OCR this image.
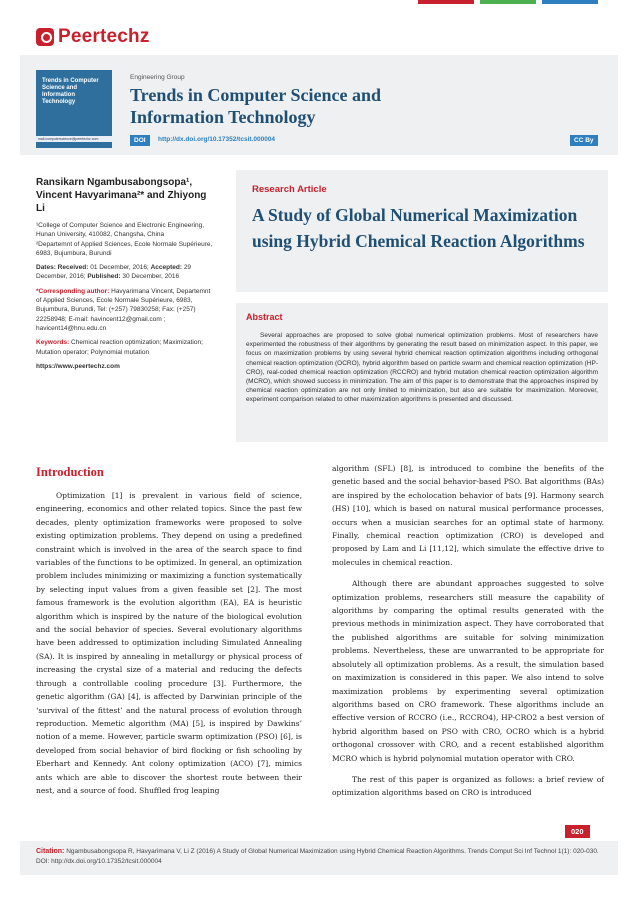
Peertechz
Trends in Computer Science and Information Technology
mail.computerscience@peertechz.com
Engineering Group
Trends in Computer Science and Information Technology
DOI	http://dx.doi.org/10.17352/tcsit.000004	CC By
Ransikarn Ngambusabongsopa¹, Vincent Havyarimana²* and Zhiyong Li

¹College of Computer Science and Electronic Engineering, Hunan University, 410082, Changsha, China

²Departemnt of Applied Sciences, Ecole Normale Supérieure, 6983, Bujumbura, Burundi

Dates: Received: 01 December, 2016; Accepted: 29 December, 2016; Published: 30 December, 2016

*Corresponding author: Havyarimana Vincent, Departemnt of Applied Sciences, Ecole Normale Supérieure, 6983, Bujumbura, Burundi, Tel: (+257) 79830258; Fax: (+257) 22258948; E-mail: havincent12@gmail.com ; havicent14@hnu.edu.cn

Keywords: Chemical reaction optimization; Maximization; Mutation operator; Polynomial mutation

https://www.peertechz.com

Research Article
A Study of Global Numerical Maximization using Hybrid Chemical Reaction Algorithms
Abstract
Several approaches are proposed to solve global numerical optimization problems. Most of researchers have experimented the robustness of their algorithms by generating the result based on minimization aspect. In this paper, we focus on maximization problems by using several hybrid chemical reaction optimization algorithms including orthogonal chemical reaction optimization (OCRO), hybrid algorithm based on particle swarm and chemical reaction optimization (HP-CRO), real-coded chemical reaction optimization (RCCRO) and hybrid mutation chemical reaction optimization algorithm (MCRO), which showed success in minimization. The aim of this paper is to demonstrate that the approaches inspired by chemical reaction optimization are not only limited to minimization, but also are suitable for maximization. Moreover, experiment comparison related to other maximization algorithms is presented and discussed.
Introduction

Optimization [1] is prevalent in various field of science, engineering, economics and other related topics. Since the past few decades, plenty optimization frameworks were proposed to solve existing optimization problems. They depend on using a predefined constraint which is involved in the area of the search space to find variables of the functions to be optimized. In general, an optimization problem includes minimizing or maximizing a function systematically by selecting input values from a given feasible set [2]. The most famous framework is the evolution algorithm (EA), EA is heuristic algorithm which is inspired by the nature of the biological evolution and the social behavior of species. Several evolutionary algorithms have been addressed to optimization including Simulated Annealing (SA). It is inspired by annealing in metallurgy or physical process of increasing the crystal size of a material and reducing the defects through a controllable cooling procedure [3]. Furthermore, the genetic algorithm (GA) [4], is affected by Darwinian principle of the ‘survival of the fittest’ and the natural process of evolution through reproduction. Memetic algorithm (MA) [5], is inspired by Dawkins’ notion of a meme. However, particle swarm optimization (PSO) [6], is developed from social behavior of bird flocking or fish schooling by Eberhart and Kennedy. Ant colony optimization (ACO) [7], mimics ants which are able to discover the shortest route between their nest, and a source of food. Shuffled frog leaping

algorithm (SFL) [8], is introduced to combine the benefits of the genetic based and the social behavior-based PSO. Bat algorithms (BAs) are inspired by the echolocation behavior of bats [9]. Harmony search (HS) [10], which is based on natural musical performance processes, occurs when a musician searches for an optimal state of harmony. Finally, chemical reaction optimization (CRO) is developed and proposed by Lam and Li [11,12], which simulate the effective drive to molecules in chemical reaction.

Although there are abundant approaches suggested to solve optimization problems, researchers still measure the capability of algorithms by comparing the optimal results generated with the previous methods in minimization aspect. They have corroborated that the published algorithms are suitable for solving minimization problems. Nevertheless, these are unwarranted to be appropriate for absolutely all optimization problems. As a result, the simulation based on maximization is considered in this paper. We also intend to solve maximization problems by experimenting several optimization algorithms based on CRO framework. These algorithms include an effective version of RCCRO (i.e., RCCRO4), HP-CRO2 a best version of hybrid algorithm based on PSO with CRO, OCRO which is a hybrid orthogonal crossover with CRO, and a recent established algorithm MCRO which is hybrid polynomial mutation operator with CRO.

The rest of this paper is organized as follows: a brief review of optimization algorithms based on CRO is introduced

020
Citation: Ngambusabongsopa R, Havyarimana V, Li Z (2016) A Study of Global Numerical Maximization using Hybrid Chemical Reaction Algorithms. Trends Comput Sci Inf Technol 1(1): 020-030. DOI: http://dx.doi.org/10.17352/tcsit.000004
